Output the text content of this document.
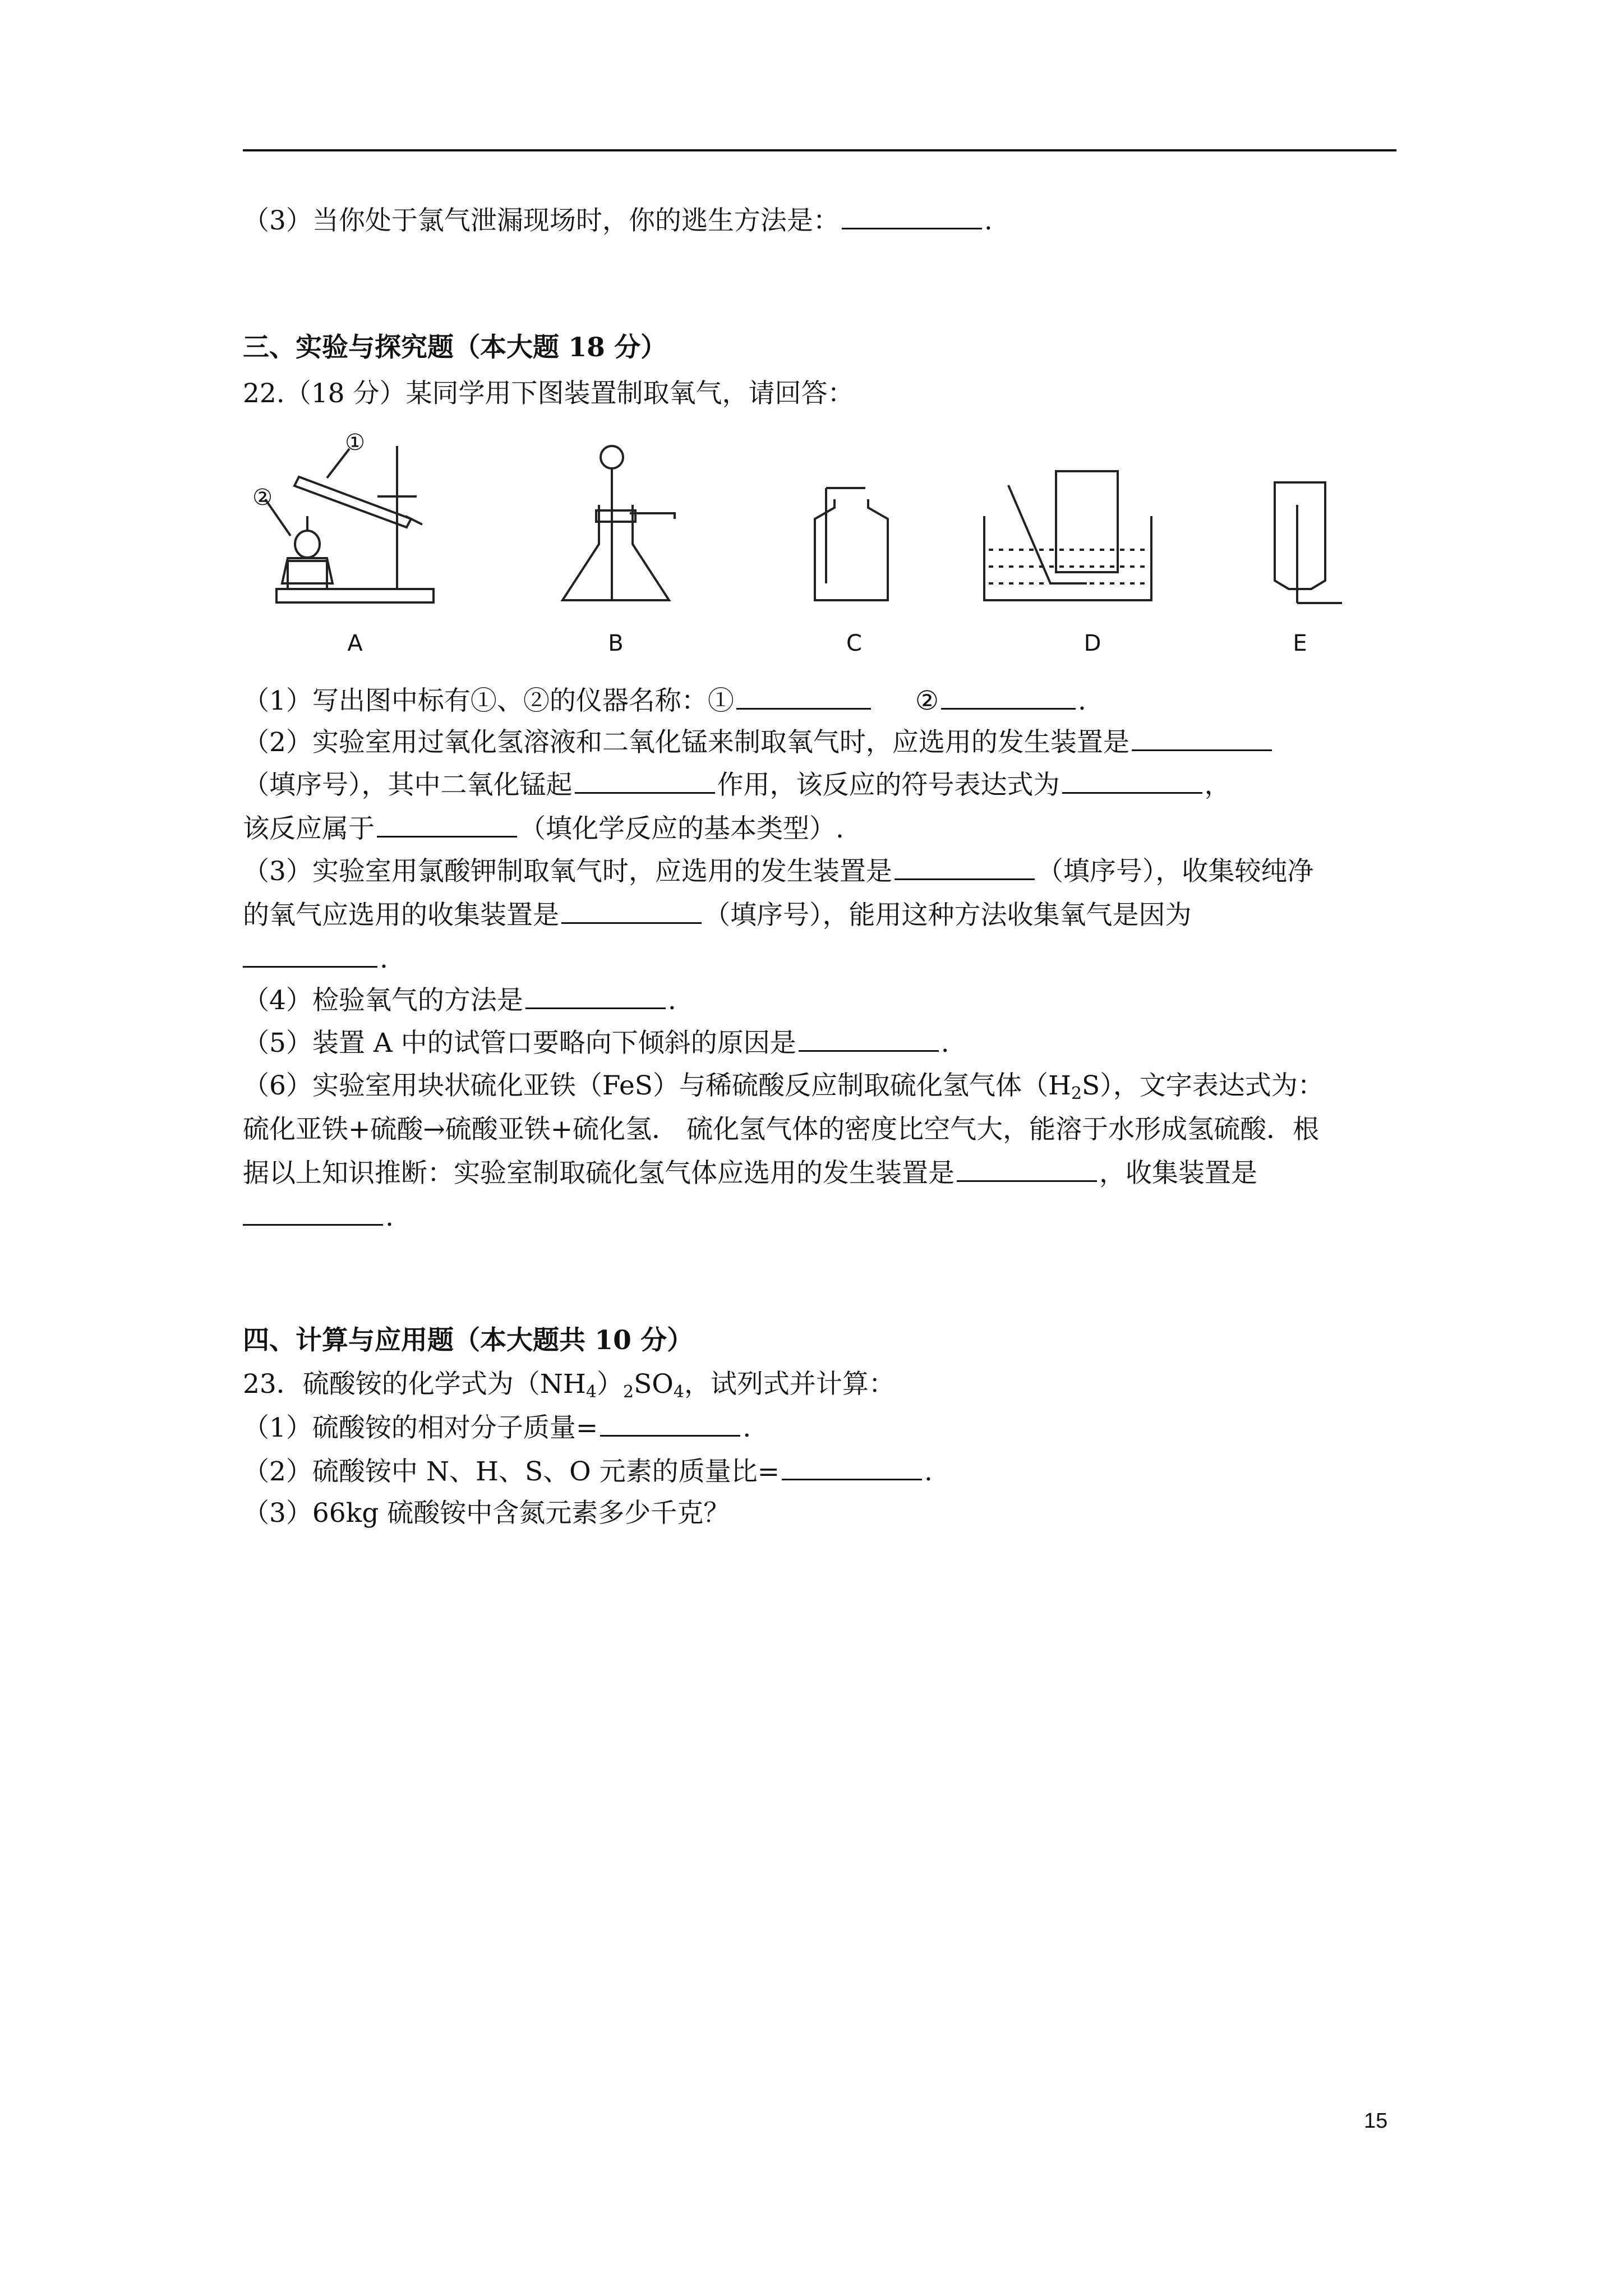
（3）当你处于氯气泄漏现场时，你的逃生方法是：	.
三、实验与探究题（本大题 18 分）
22.（18 分）某同学用下图装置制取氧气，请回答：
①
②
A	B	C	D	E
（1）写出图中标有①、②的仪器名称：①	②	.
（2）实验室用过氧化氢溶液和二氧化锰来制取氧气时，应选用的发生装置是
（填序号），其中二氧化锰起	作用，该反应的符号表达式为	，
该反应属于	（填化学反应的基本类型）.
（3）实验室用氯酸钾制取氧气时，应选用的发生装置是	（填序号），收集较纯净
的氧气应选用的收集装置是	（填序号），能用这种方法收集氧气是因为
.
（4）检验氧气的方法是	.
（5）装置 A 中的试管口要略向下倾斜的原因是	.
（6）实验室用块状硫化亚铁（FeS）与稀硫酸反应制取硫化氢气体$(H_2S)$，文字表达式为：
硫化亚铁+硫酸→硫酸亚铁+硫化氢． 硫化氢气体的密度比空气大，能溶于水形成氢硫酸．根
据以上知识推断：实验室制取硫化氢气体应选用的发生装置是	，收集装置是
.
四、计算与应用题（本大题共 10 分）
23．硫酸铵的化学式为$(NH_4)_2SO_4$，试列式并计算：
（1）硫酸铵的相对分子质量=	.
（2）硫酸铵中 N、H、S、O 元素的质量比=	.
（3）66kg 硫酸铵中含氮元素多少千克？
15
